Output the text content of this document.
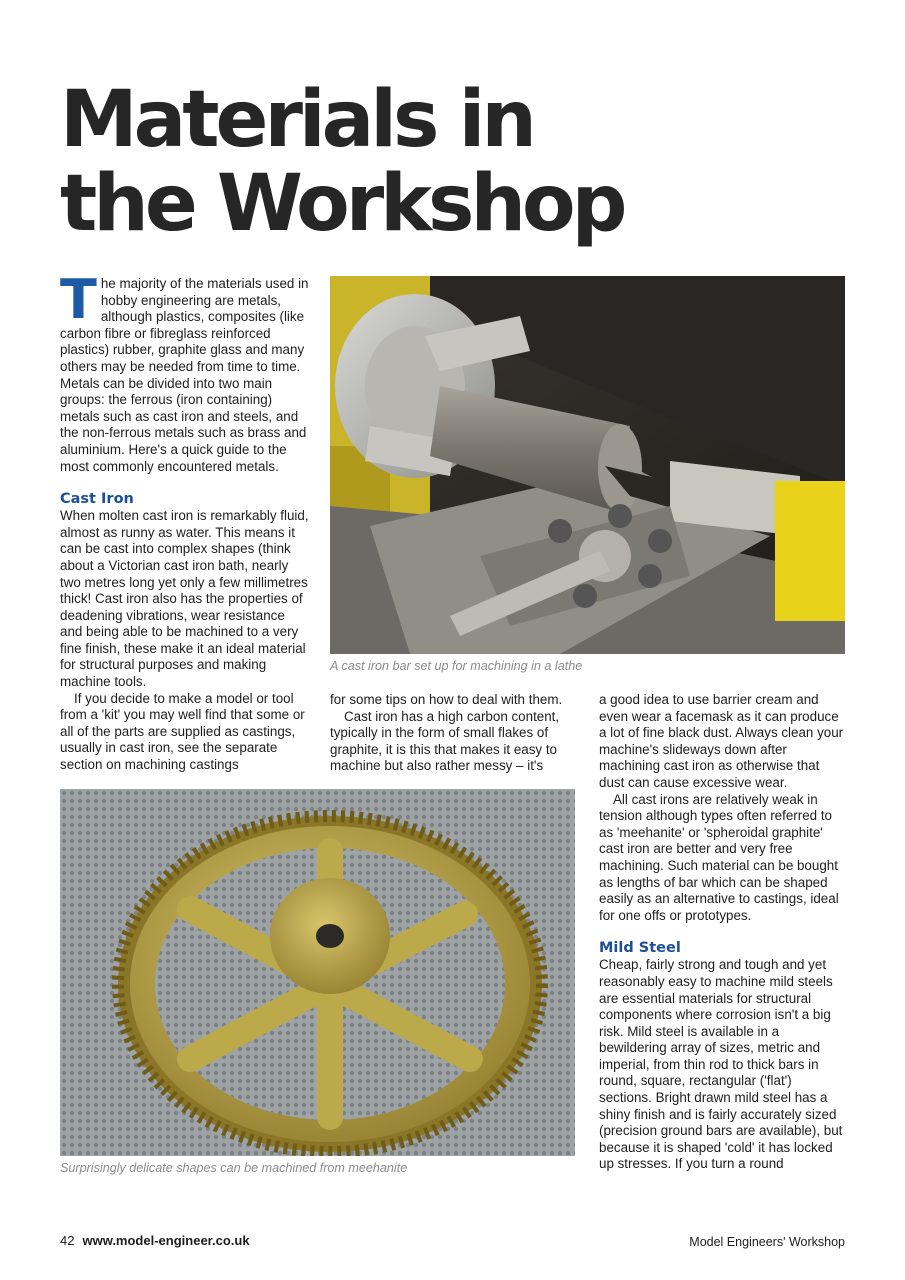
Materials in the Workshop

The majority of the materials used in hobby engineering are metals, although plastics, composites (like carbon fibre or fibreglass reinforced plastics) rubber, graphite glass and many others may be needed from time to time. Metals can be divided into two main groups: the ferrous (iron containing) metals such as cast iron and steels, and the non-ferrous metals such as brass and aluminium. Here's a quick guide to the most commonly encountered metals.

Cast Iron

When molten cast iron is remarkably fluid, almost as runny as water. This means it can be cast into complex shapes (think about a Victorian cast iron bath, nearly two metres long yet only a few millimetres thick! Cast iron also has the properties of deadening vibrations, wear resistance and being able to be machined to a very fine finish, these make it an ideal material for structural purposes and making machine tools.

If you decide to make a model or tool from a 'kit' you may well find that some or all of the parts are supplied as castings, usually in cast iron, see the separate section on machining castings

A cast iron bar set up for machining in a lathe

for some tips on how to deal with them.

Cast iron has a high carbon content, typically in the form of small flakes of graphite, it is this that makes it easy to machine but also rather messy – it's

a good idea to use barrier cream and even wear a facemask as it can produce a lot of fine black dust. Always clean your machine's slideways down after machining cast iron as otherwise that dust can cause excessive wear.

All cast irons are relatively weak in tension although types often referred to as 'meehanite' or 'spheroidal graphite' cast iron are better and very free machining. Such material can be bought as lengths of bar which can be shaped easily as an alternative to castings, ideal for one offs or prototypes.

Mild Steel

Cheap, fairly strong and tough and yet reasonably easy to machine mild steels are essential materials for structural components where corrosion isn't a big risk. Mild steel is available in a bewildering array of sizes, metric and imperial, from thin rod to thick bars in round, square, rectangular ('flat') sections. Bright drawn mild steel has a shiny finish and is fairly accurately sized (precision ground bars are available), but because it is shaped 'cold' it has locked up stresses. If you turn a round

Surprisingly delicate shapes can be machined from meehanite
42 www.model-engineer.co.uk	Model Engineers' Workshop
